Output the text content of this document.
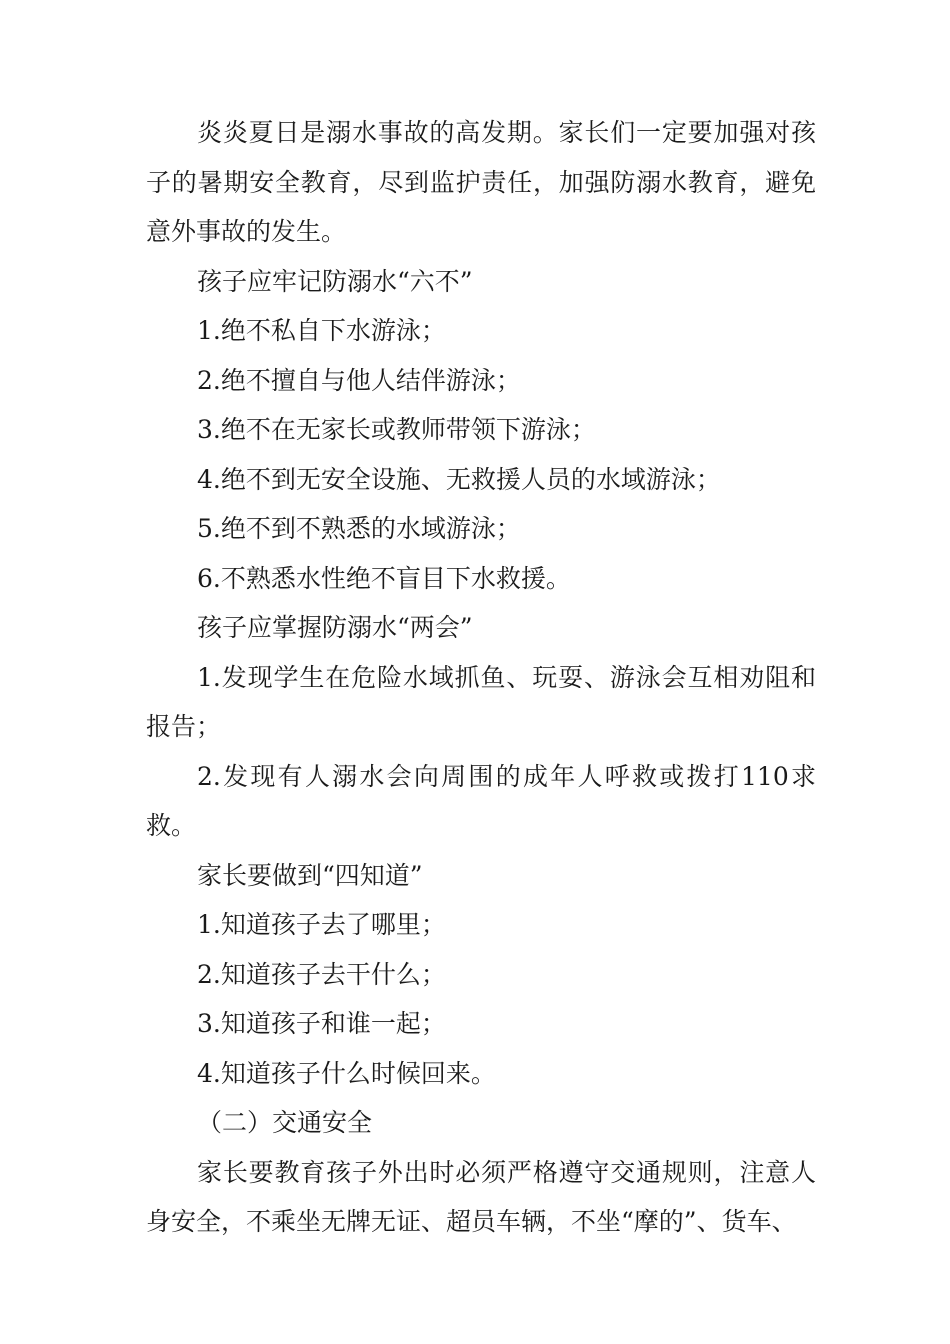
炎炎夏日是溺水事故的高发期。家长们一定要加强对孩子的暑期安全教育，尽到监护责任，加强防溺水教育，避免意外事故的发生。

孩子应牢记防溺水“六不”

1.绝不私自下水游泳；

2.绝不擅自与他人结伴游泳；

3.绝不在无家长或教师带领下游泳；

4.绝不到无安全设施、无救援人员的水域游泳；

5.绝不到不熟悉的水域游泳；

6.不熟悉水性绝不盲目下水救援。

孩子应掌握防溺水“两会”

1.发现学生在危险水域抓鱼、玩耍、游泳会互相劝阻和报告；

2.发现有人溺水会向周围的成年人呼救或拨打110求救。

家长要做到“四知道”

1.知道孩子去了哪里；

2.知道孩子去干什么；

3.知道孩子和谁一起；

4.知道孩子什么时候回来。

（二）交通安全

家长要教育孩子外出时必须严格遵守交通规则，注意人身安全，不乘坐无牌无证、超员车辆，不坐“摩的”、货车、
